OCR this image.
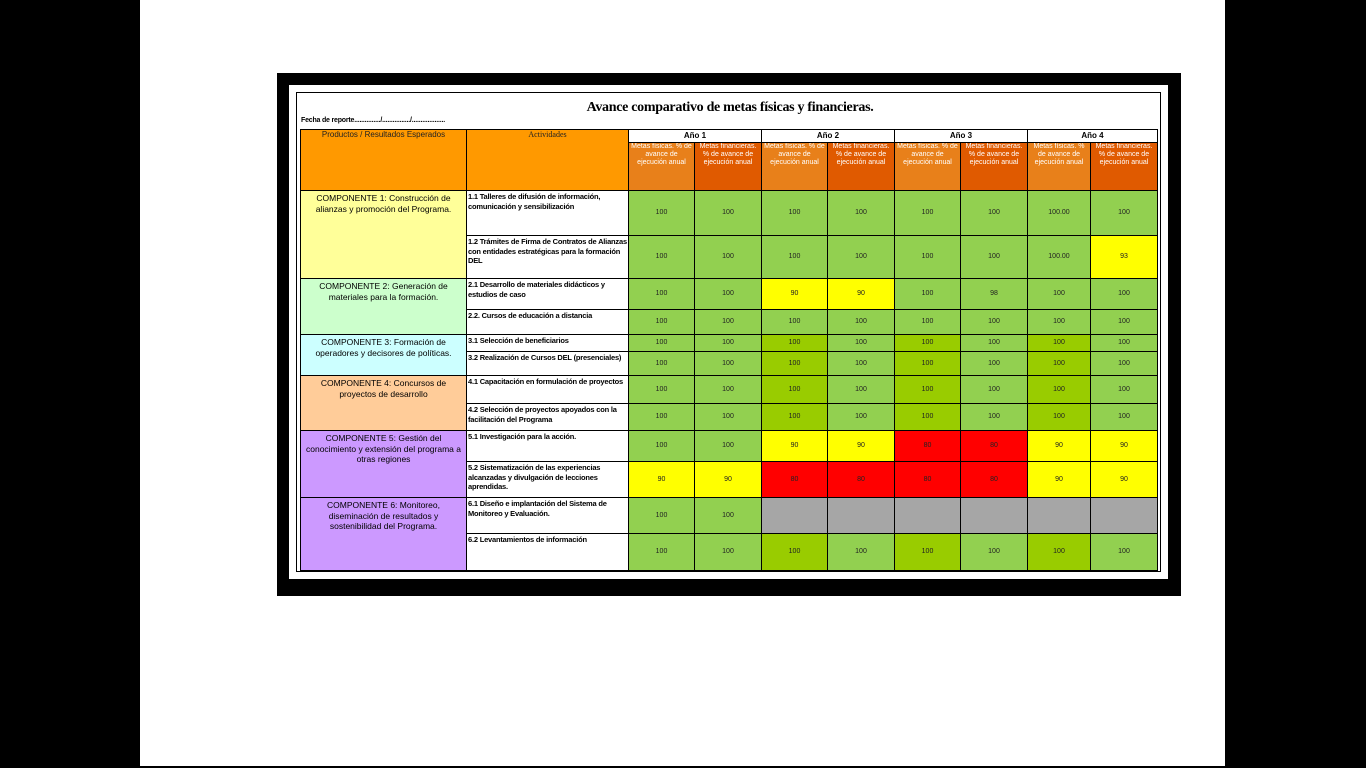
Avance comparativo de metas físicas y financieras.
Fecha de reporte.............../................/...................
Productos / Resultados Esperados	Actividades	Año 1		Año 2		Año 3		Año 4	
		Metas físicas. % de avance de ejecución anual	Metas financieras. % de avance de ejecución anual	Metas físicas. % de avance de ejecución anual	Metas financieras. % de avance de ejecución anual	Metas físicas. % de avance de ejecución anual	Metas financieras. % de avance de ejecución anual	Metas físicas. % de avance de ejecución anual	Metas financieras. % de avance de ejecución anual
COMPONENTE 1: Construcción de alianzas y promoción del Programa.	1.1 Talleres de difusión de información, comunicación y sensibilización	100	100	100	100	100	100	100.00	100
	1.2 Trámites de Firma de Contratos de Alianzas con entidades estratégicas para la formación DEL	100	100	100	100	100	100	100.00	93
COMPONENTE 2: Generación de materiales para la formación.	2.1 Desarrollo de materiales didácticos y estudios de caso	100	100	90	90	100	98	100	100
	2.2. Cursos de educación a distancia	100	100	100	100	100	100	100	100
COMPONENTE 3: Formación de operadores y decisores de políticas.	3.1 Selección de beneficiarios	100	100	100	100	100	100	100	100
	3.2 Realización de Cursos DEL (presenciales)	100	100	100	100	100	100	100	100
COMPONENTE 4: Concursos de proyectos de desarrollo	4.1 Capacitación en formulación de proyectos	100	100	100	100	100	100	100	100
	4.2 Selección de proyectos apoyados con la facilitación del Programa	100	100	100	100	100	100	100	100
COMPONENTE 5: Gestión del conocimiento y extensión del programa a otras regiones	5.1 Investigación para la acción.	100	100	90	90	80	80	90	90
	5.2 Sistematización de las experiencias alcanzadas y divulgación de lecciones aprendidas.	90	90	80	80	80	80	90	90
COMPONENTE 6: Monitoreo, diseminación de resultados y sostenibilidad del Programa.	6.1 Diseño e implantación del Sistema de Monitoreo y Evaluación.	100	100						
	6.2 Levantamientos de información	100	100	100	100	100	100	100	100
